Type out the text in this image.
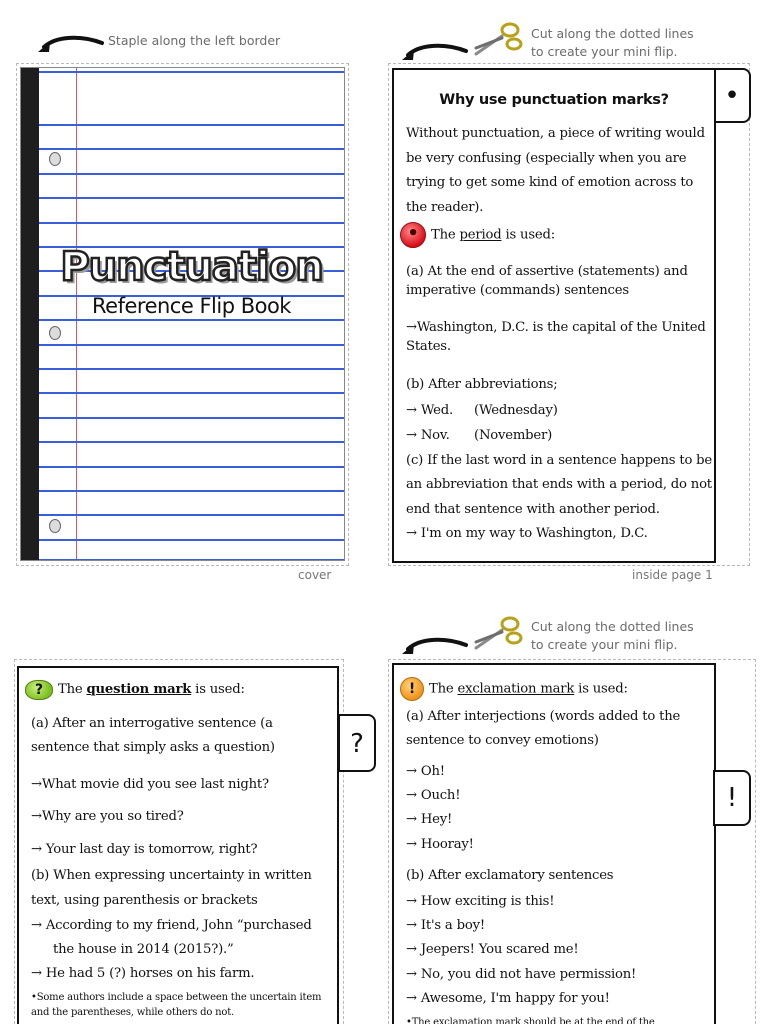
Staple along the left border
Punctuation
Reference Flip Book
cover
Cut along the dotted lines
to create your mini flip.
•
Why use punctuation marks?
Without punctuation, a piece of writing would
be very confusing (especially when you are
trying to get some kind of emotion across to
the reader).
• The period is used:
(a) At the end of assertive (statements) and
imperative (commands) sentences
→Washington, D.C. is the capital of the United
States.
(b) After abbreviations;
→ Wed. (Wednesday)
→ Nov. (November)
(c) If the last word in a sentence happens to be
an abbreviation that ends with a period, do not
end that sentence with another period.
→ I'm on my way to Washington, D.C.
inside page 1
? The question mark is used:
(a) After an interrogative sentence (a
sentence that simply asks a question)
→What movie did you see last night?
→Why are you so tired?
→ Your last day is tomorrow, right?
(b) When expressing uncertainty in written
text, using parenthesis or brackets
→ According to my friend, John “purchased
the house in 2014 (2015?).”
→ He had 5 (?) horses on his farm.
•Some authors include a space between the uncertain item and the parentheses, while others do not.
?
Cut along the dotted lines
to create your mini flip.
! The exclamation mark is used:
(a) After interjections (words added to the
sentence to convey emotions)
→ Oh!
→ Ouch!
→ Hey!
→ Hooray!
(b) After exclamatory sentences
→ How exciting is this!
→ It's a boy!
→ Jeepers! You scared me!
→ No, you did not have permission!
→ Awesome, I'm happy for you!
•The exclamation mark should be at the end of the
!
